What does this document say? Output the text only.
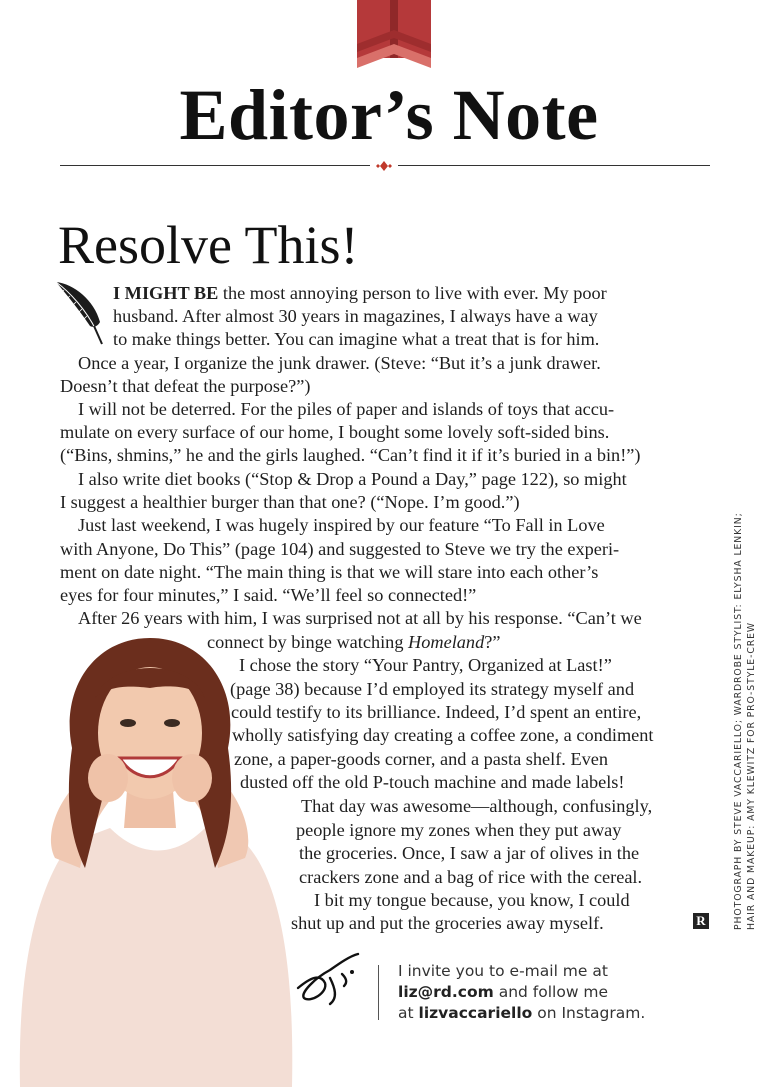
Editor’s Note
Resolve This!
I MIGHT BE the most annoying person to live with ever. My poor
husband. After almost 30 years in magazines, I always have a way
to make things better. You can imagine what a treat that is for him.
Once a year, I organize the junk drawer. (Steve: “But it’s a junk drawer.
Doesn’t that defeat the purpose?”)
I will not be deterred. For the piles of paper and islands of toys that accu-
mulate on every surface of our home, I bought some lovely soft-sided bins.
(“Bins, shmins,” he and the girls laughed. “Can’t find it if it’s buried in a bin!”)
I also write diet books (“Stop & Drop a Pound a Day,” page 122), so might
I suggest a healthier burger than that one? (“Nope. I’m good.”)
Just last weekend, I was hugely inspired by our feature “To Fall in Love
with Anyone, Do This” (page 104) and suggested to Steve we try the experi-
ment on date night. “The main thing is that we will stare into each other’s
eyes for four minutes,” I said. “We’ll feel so connected!”
After 26 years with him, I was surprised not at all by his response. “Can’t we
connect by binge watching Homeland?”
I chose the story “Your Pantry, Organized at Last!”
(page 38) because I’d employed its strategy myself and
could testify to its brilliance. Indeed, I’d spent an entire,
wholly satisfying day creating a coffee zone, a condiment
zone, a paper-goods corner, and a pasta shelf. Even
dusted off the old P-touch machine and made labels!
That day was awesome—although, confusingly,
people ignore my zones when they put away
the groceries. Once, I saw a jar of olives in the
crackers zone and a bag of rice with the cereal.
I bit my tongue because, you know, I could
shut up and put the groceries away myself.	R
I invite you to e-mail me at
liz@rd.com and follow me
at lizvaccariello on Instagram.
PHOTOGRAPH BY STEVE VACCARIELLO; WARDROBE STYLIST: ELYSHA LENKIN; HAIR AND MAKEUP: AMY KLEWITZ FOR PRO-STYLE-CREW
